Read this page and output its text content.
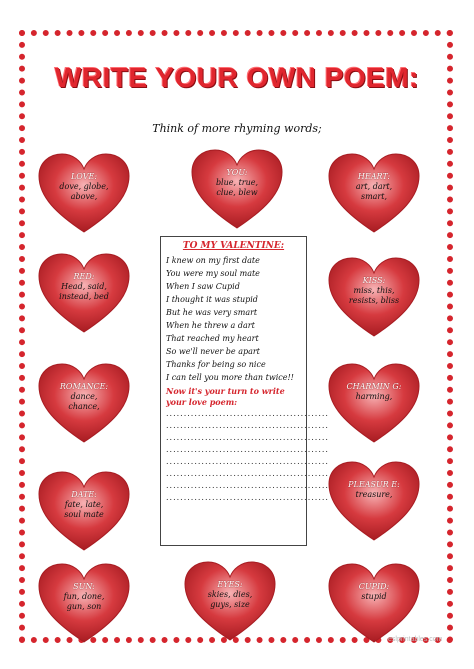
WRITE YOUR OWN POEM:
Think of more rhyming words;
LOVE:
dove, globe,
above,
YOU:
blue, true,
clue, blew
HEART:
art, dart,
smart,
RED:
Head, said,
instead, bed
KISS:
miss, this,
resists, bliss
ROMANCE:
dance,
chance,
CHARMIN G:
harming,
DATE:
fate, late,
soul mate
PLEASUR E:
treasure,
SUN:
fun, done,
gun, son
EYES:
skies, dies,
guys, size
CUPID:
stupid
TO MY VALENTINE:
I knew on my first date
You were my soul mate
When I saw Cupid
I thought it was stupid
But he was very smart
When he threw a dart
That reached my heart
So we'll never be apart
Thanks for being so nice
I can tell you more than twice!!
Now it's your turn to write your love poem:
..............................................
..............................................
..............................................
..............................................
..............................................
..............................................
..............................................
..............................................
eslprintables.com
